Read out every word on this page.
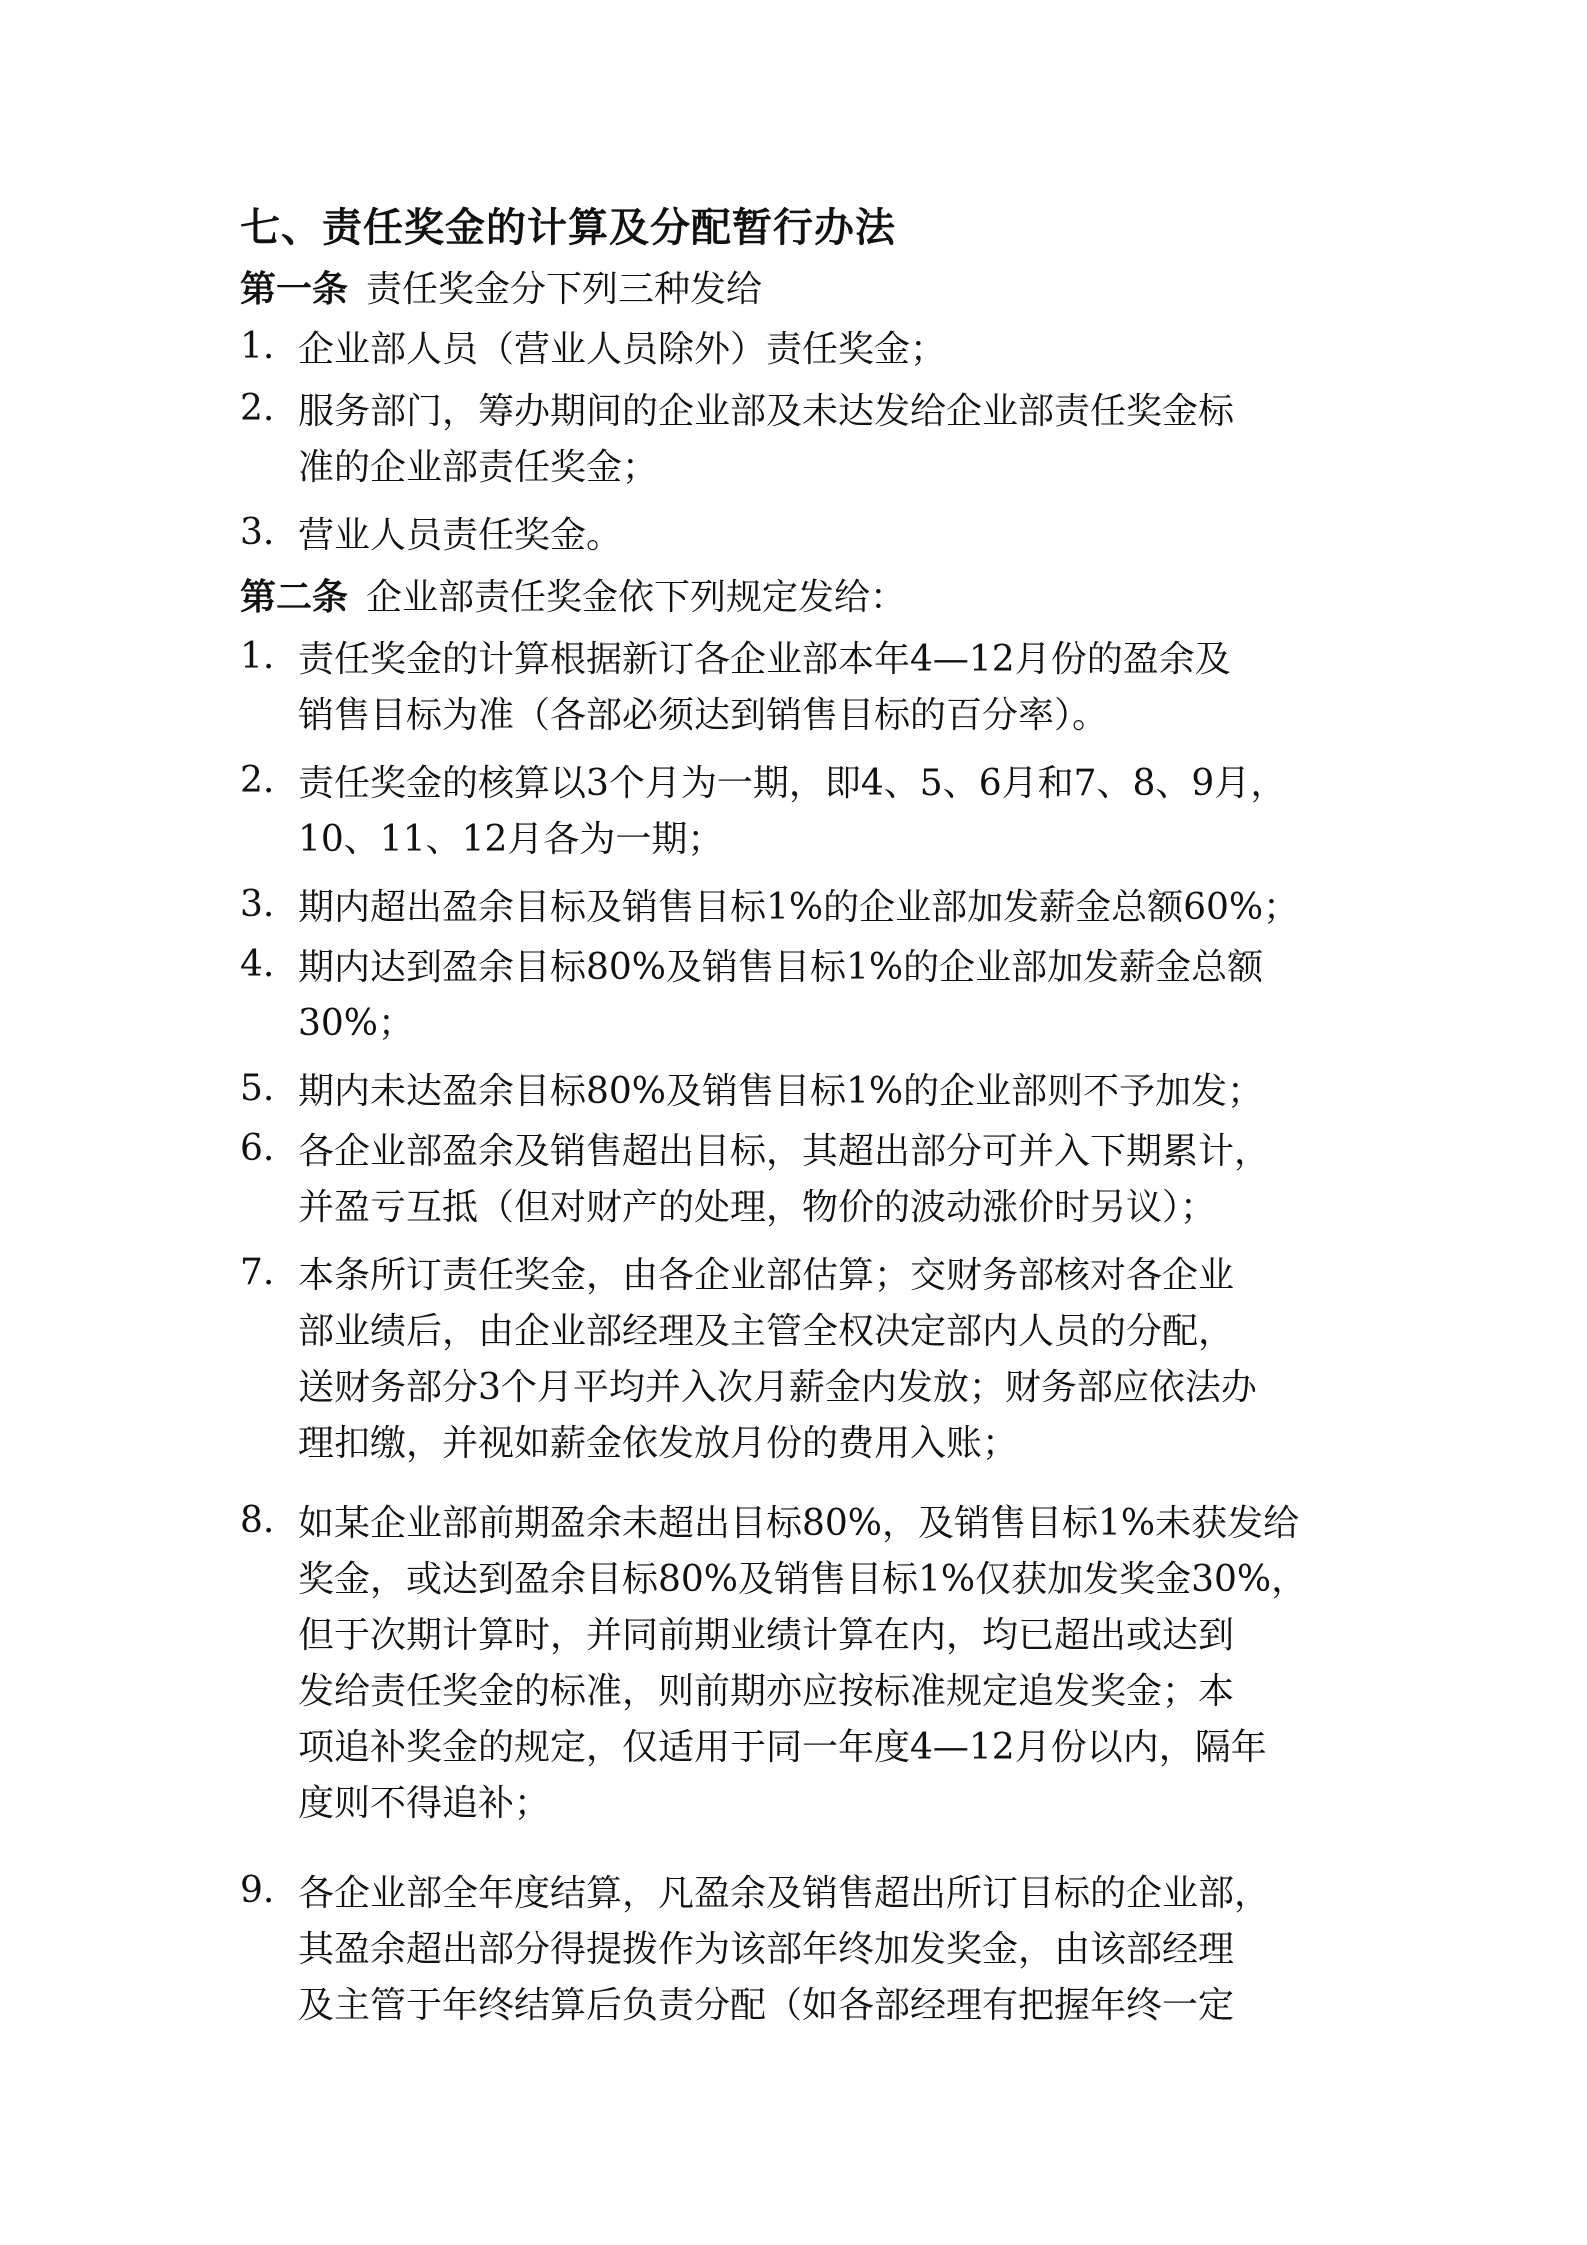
七、责任奖金的计算及分配暂行办法
第一条 责任奖金分下列三种发给
1. 企业部人员（营业人员除外）责任奖金；
2. 服务部门，筹办期间的企业部及未达发给企业部责任奖金标
准的企业部责任奖金；
3. 营业人员责任奖金。
第二条 企业部责任奖金依下列规定发给：
1. 责任奖金的计算根据新订各企业部本年4—12月份的盈余及
销售目标为准（各部必须达到销售目标的百分率）。
2. 责任奖金的核算以3个月为一期，即4、5、6月和7、8、9月，
10、11、12月各为一期；
3. 期内超出盈余目标及销售目标1%的企业部加发薪金总额60%；
4. 期内达到盈余目标80%及销售目标1%的企业部加发薪金总额
30%；
5. 期内未达盈余目标80%及销售目标1%的企业部则不予加发；
6. 各企业部盈余及销售超出目标，其超出部分可并入下期累计，
并盈亏互抵（但对财产的处理，物价的波动涨价时另议）；
7. 本条所订责任奖金，由各企业部估算；交财务部核对各企业
部业绩后，由企业部经理及主管全权决定部内人员的分配，
送财务部分3个月平均并入次月薪金内发放；财务部应依法办
理扣缴，并视如薪金依发放月份的费用入账；
8. 如某企业部前期盈余未超出目标80%，及销售目标1%未获发给
奖金，或达到盈余目标80%及销售目标1%仅获加发奖金30%，
但于次期计算时，并同前期业绩计算在内，均已超出或达到
发给责任奖金的标准，则前期亦应按标准规定追发奖金；本
项追补奖金的规定，仅适用于同一年度4—12月份以内，隔年
度则不得追补；
9. 各企业部全年度结算，凡盈余及销售超出所订目标的企业部，
其盈余超出部分得提拨作为该部年终加发奖金，由该部经理
及主管于年终结算后负责分配（如各部经理有把握年终一定
